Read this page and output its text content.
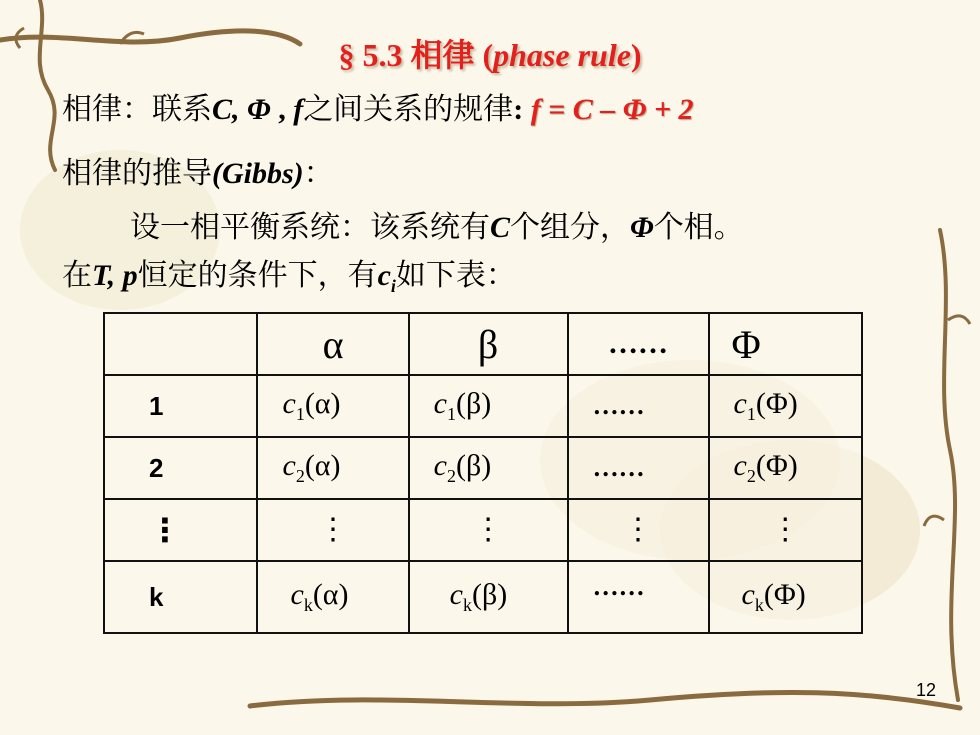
§ 5.3 相律 (phase rule)
相律：联系C, Φ , f之间关系的规律: f = C – Φ + 2
相律的推导(Gibbs)：
设一相平衡系统：该系统有C个组分，Φ个相。
在T, p恒定的条件下，有$c_i$如下表：
	α	β	……	Φ
1	$c_1(\alpha)$	$c_1(\beta)$	……	$c_1(\Phi)$
2	$c_2(\alpha)$	$c_2(\beta)$	……	$c_2(\Phi)$
⋮	⋮	⋮	⋮	⋮
k	$c_k(\alpha)$	$c_k(\beta)$	……	$c_k(\Phi)$
12
